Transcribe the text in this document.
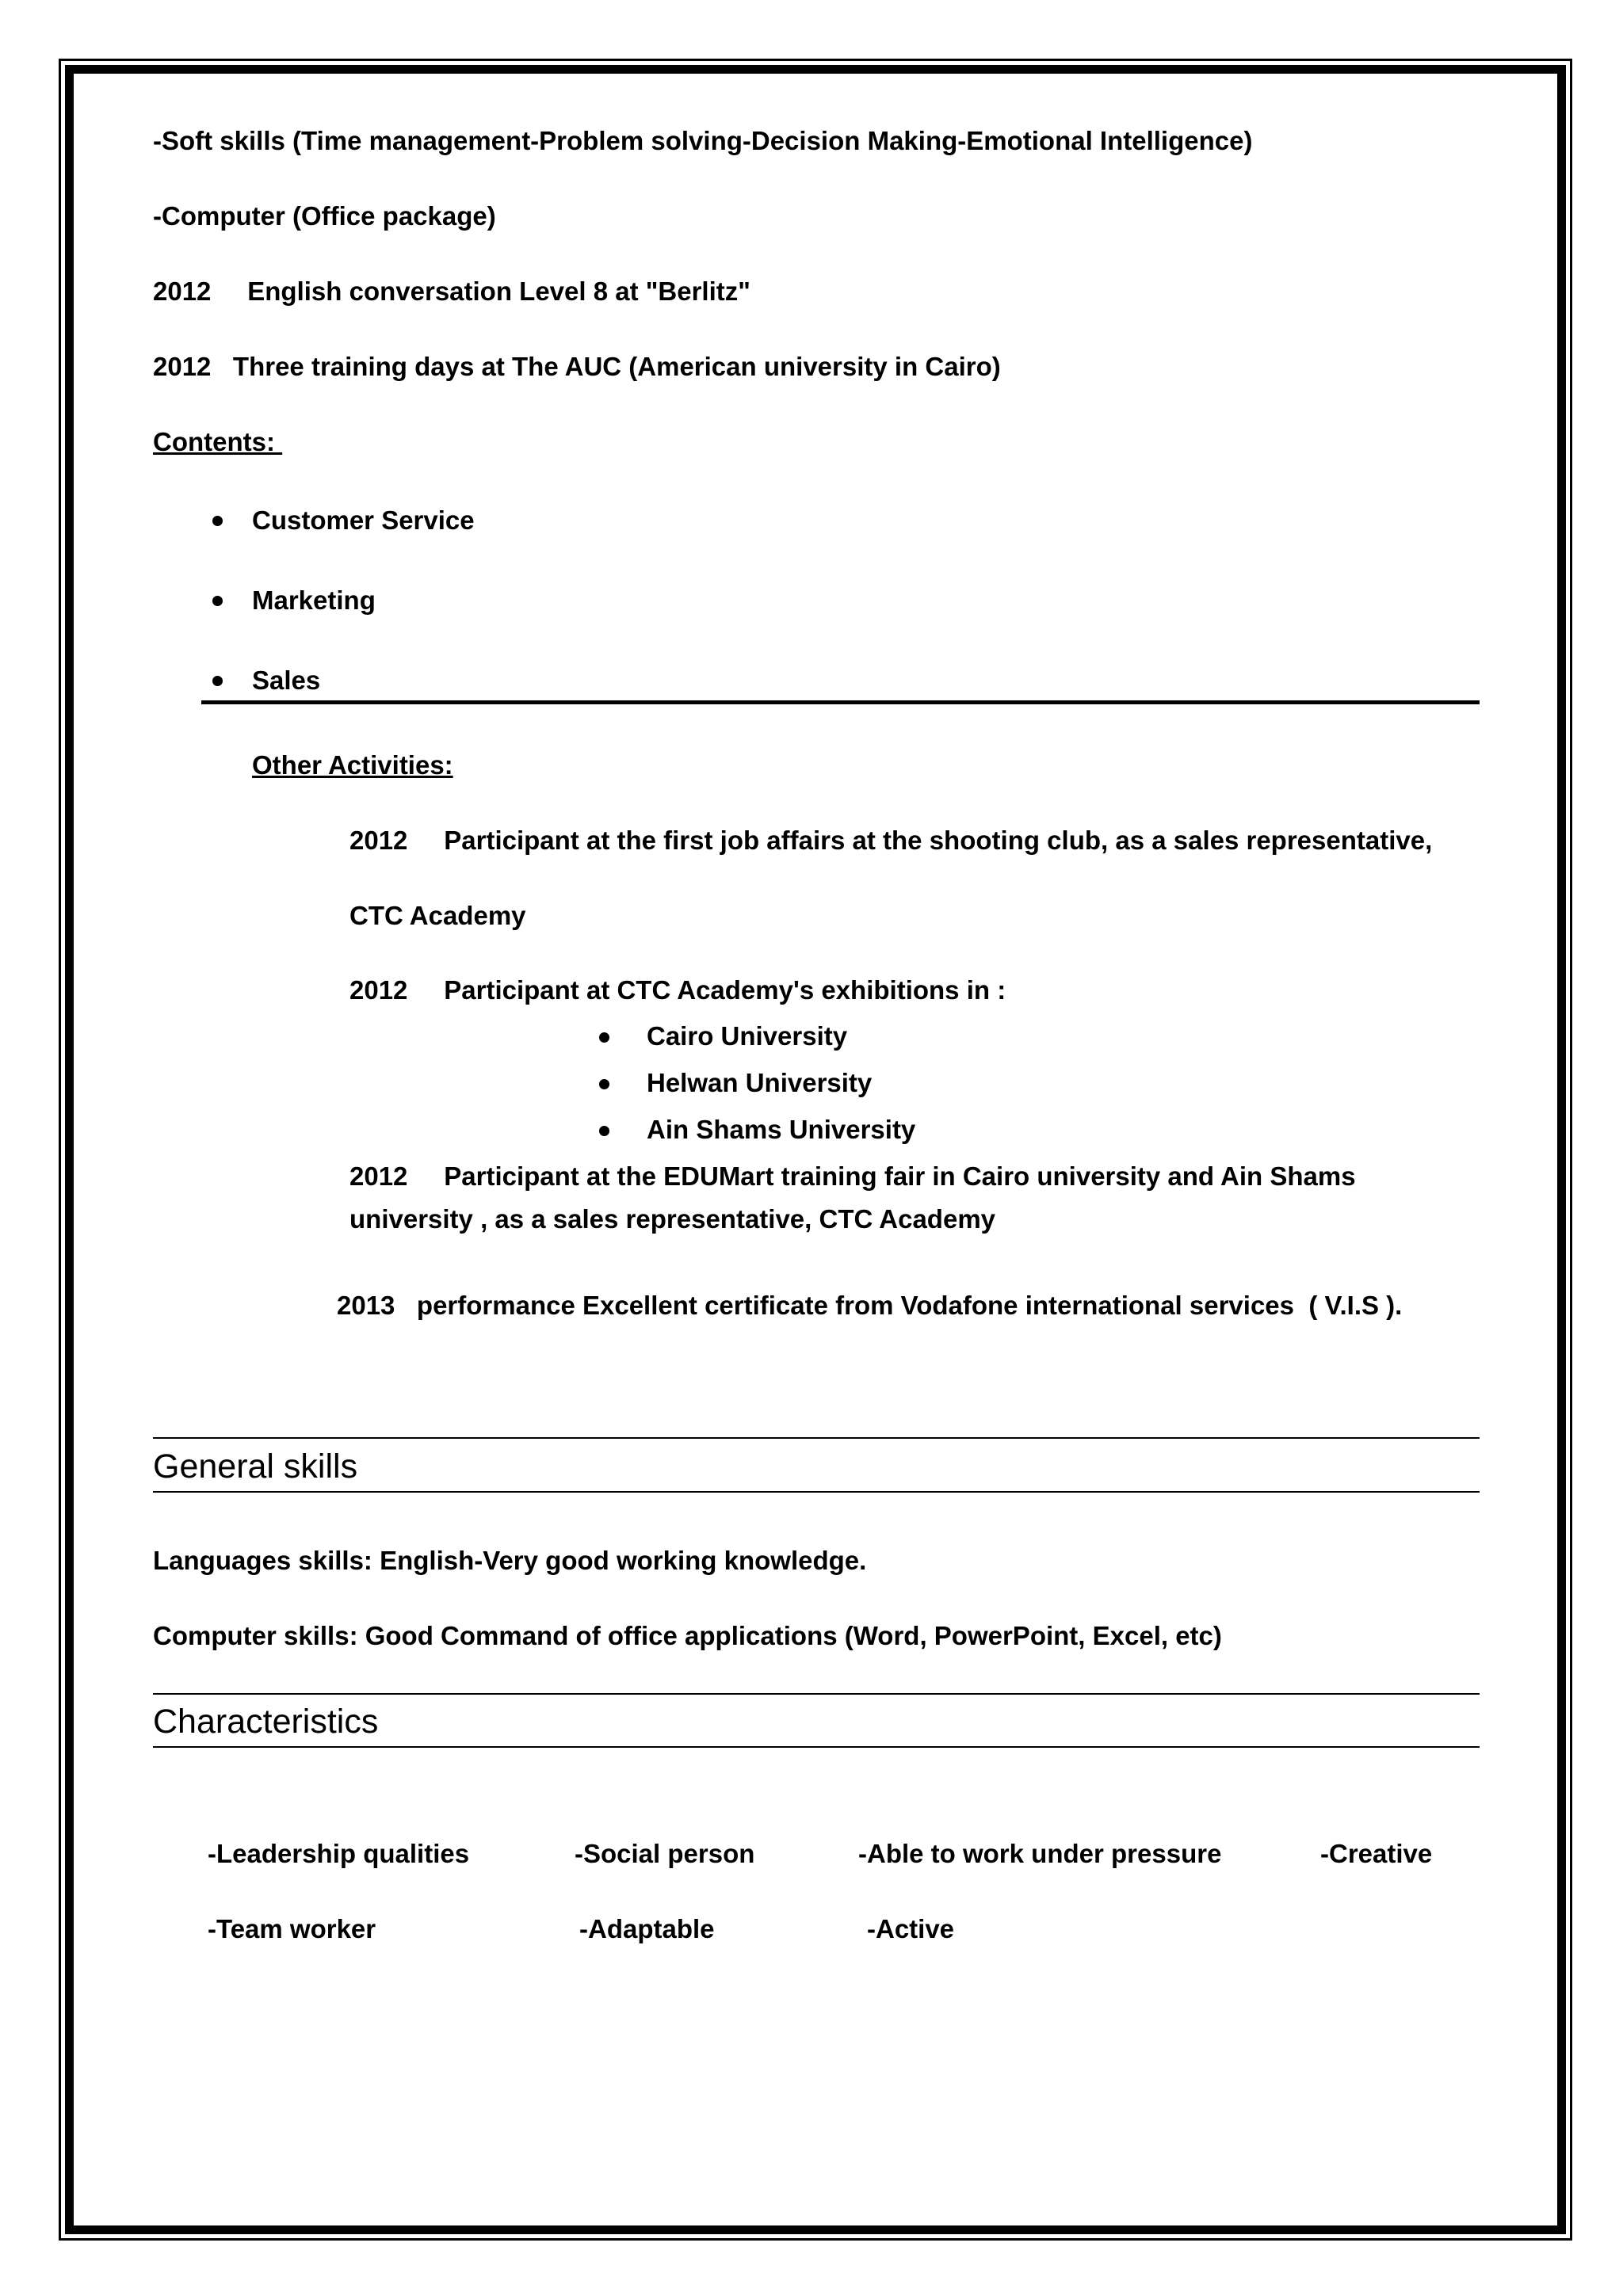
-Soft skills (Time management-Problem solving-Decision Making-Emotional Intelligence)
-Computer (Office package)
2012     English conversation Level 8 at "Berlitz"
2012   Three training days at The AUC (American university in Cairo)
Contents:
Customer Service
Marketing
Sales
Other Activities:
2012     Participant at the first job affairs at the shooting club, as a sales representative,
CTC Academy
2012     Participant at CTC Academy's exhibitions in :
Cairo University
Helwan University
Ain Shams University
2012     Participant at the EDUMart training fair in Cairo university and Ain Shams
university , as a sales representative, CTC Academy
2013   performance Excellent certificate from Vodafone international services  ( V.I.S ).
General skills
Languages skills: English-Very good working knowledge.
Computer skills: Good Command of office applications (Word, PowerPoint, Excel, etc)
Characteristics
-Leadership qualities	-Social person	-Able to work under pressure	-Creative
-Team worker	-Adaptable	-Active
